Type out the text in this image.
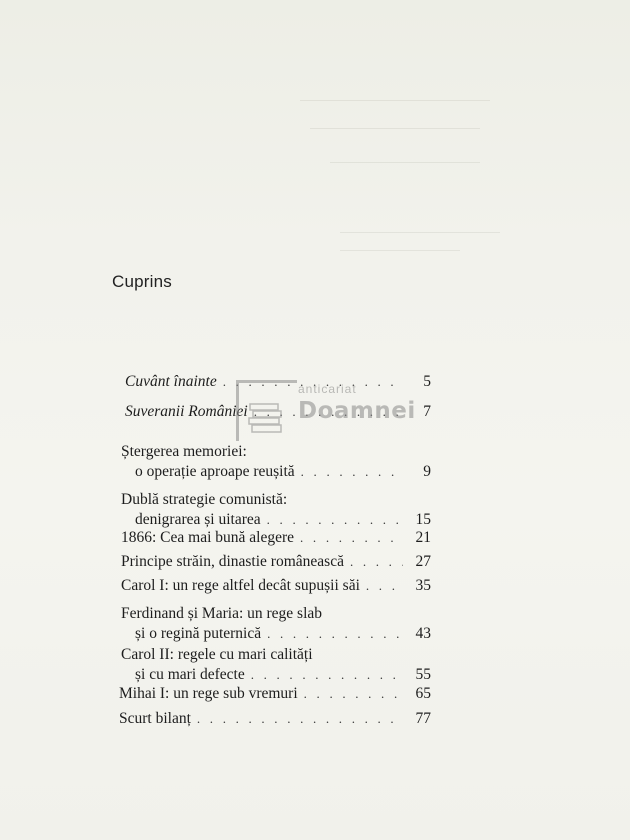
Cuprins
Cuvânt înainte . . .	5
Suveranii României . . .	7
Ștergerea memoriei:
o operație aproape reușită . . .	9
Dublă strategie comunistă:
denigrarea și uitarea . . .	15
1866: Cea mai bună alegere . . .	21
Principe străin, dinastie românească . . .	27
Carol I: un rege altfel decât supușii săi . . .	35
Ferdinand și Maria: un rege slab
și o regină puternică . . .	43
Carol II: regele cu mari calități
și cu mari defecte . . .	55
Mihai I: un rege sub vremuri . . .	65
Scurt bilanț . . .	77
anticariat
Doamnei
